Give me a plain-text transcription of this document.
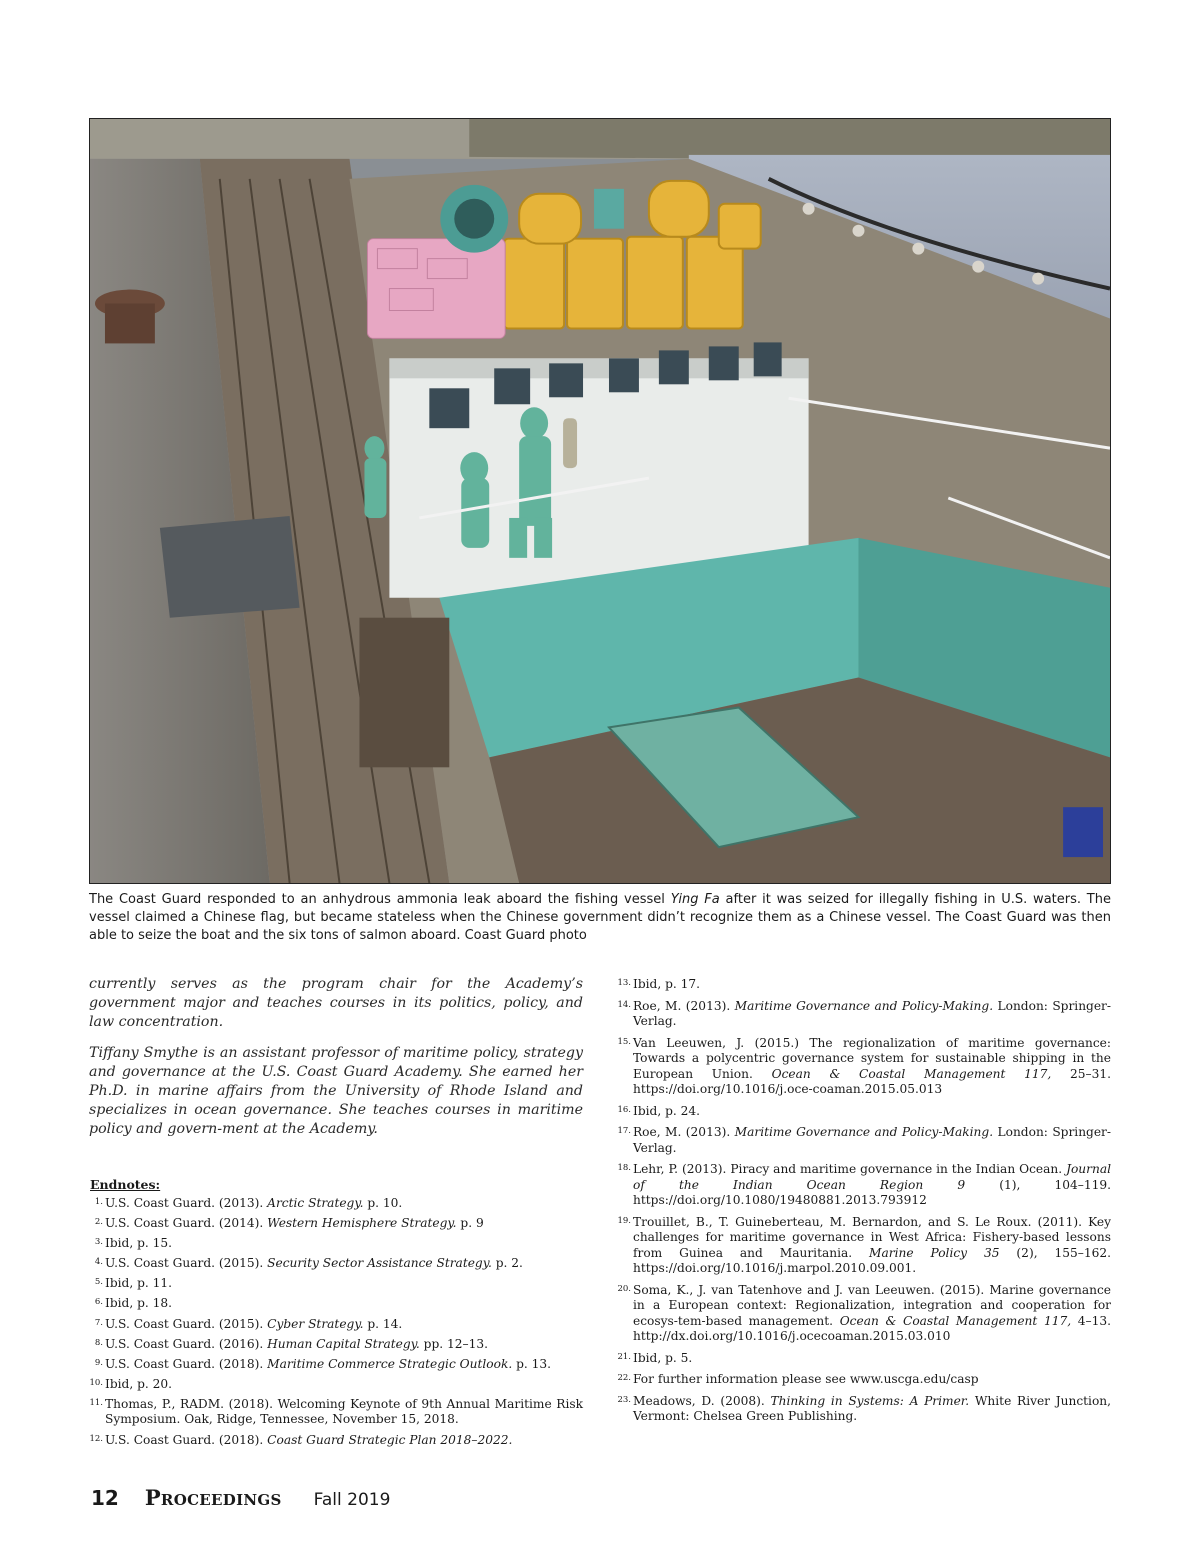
The Coast Guard responded to an anhydrous ammonia leak aboard the fishing vessel Ying Fa after it was seized for illegally fishing in U.S. waters. The vessel claimed a Chinese flag, but became stateless when the Chinese government didn’t recognize them as a Chinese vessel. The Coast Guard was then able to seize the boat and the six tons of salmon aboard. Coast Guard photo

currently serves as the program chair for the Academy’s government major and teaches courses in its politics, policy, and law concentration.

Tiffany Smythe is an assistant professor of maritime policy, strategy and governance at the U.S. Coast Guard Academy. She earned her Ph.D. in marine affairs from the University of Rhode Island and specializes in ocean governance. She teaches courses in maritime policy and govern-ment at the Academy.

Endnotes:
1. U.S. Coast Guard. (2013). Arctic Strategy. p. 10.
2. U.S. Coast Guard. (2014). Western Hemisphere Strategy. p. 9
3. Ibid, p. 15.
4. U.S. Coast Guard. (2015). Security Sector Assistance Strategy. p. 2.
5. Ibid, p. 11.
6. Ibid, p. 18.
7. U.S. Coast Guard. (2015). Cyber Strategy. p. 14.
8. U.S. Coast Guard. (2016). Human Capital Strategy. pp. 12–13.
9. U.S. Coast Guard. (2018). Maritime Commerce Strategic Outlook. p. 13.
10. Ibid, p. 20.
11. Thomas, P., RADM. (2018). Welcoming Keynote of 9th Annual Maritime Risk Symposium. Oak, Ridge, Tennessee, November 15, 2018.
12. U.S. Coast Guard. (2018). Coast Guard Strategic Plan 2018–2022.
13. Ibid, p. 17.
14. Roe, M. (2013). Maritime Governance and Policy-Making. London: Springer-Verlag.
15. Van Leeuwen, J. (2015.) The regionalization of maritime governance: Towards a polycentric governance system for sustainable shipping in the European Union. Ocean & Coastal Management 117, 25–31. https://doi.org/10.1016/j.oce-coaman.2015.05.013
16. Ibid, p. 24.
17. Roe, M. (2013). Maritime Governance and Policy-Making. London: Springer-Verlag.
18. Lehr, P. (2013). Piracy and maritime governance in the Indian Ocean. Journal of the Indian Ocean Region 9 (1), 104–119. https://doi.org/10.1080/19480881.2013.793912
19. Trouillet, B., T. Guineberteau, M. Bernardon, and S. Le Roux. (2011). Key challenges for maritime governance in West Africa: Fishery-based lessons from Guinea and Mauritania. Marine Policy 35 (2), 155–162. https://doi.org/10.1016/j.marpol.2010.09.001.
20. Soma, K., J. van Tatenhove and J. van Leeuwen. (2015). Marine governance in a European context: Regionalization, integration and cooperation for ecosys-tem-based management. Ocean & Coastal Management 117, 4–13. http://dx.doi.org/10.1016/j.ocecoaman.2015.03.010
21. Ibid, p. 5.
22. For further information please see www.uscga.edu/casp
23. Meadows, D. (2008). Thinking in Systems: A Primer. White River Junction, Vermont: Chelsea Green Publishing.
12 Proceedings Fall 2019
